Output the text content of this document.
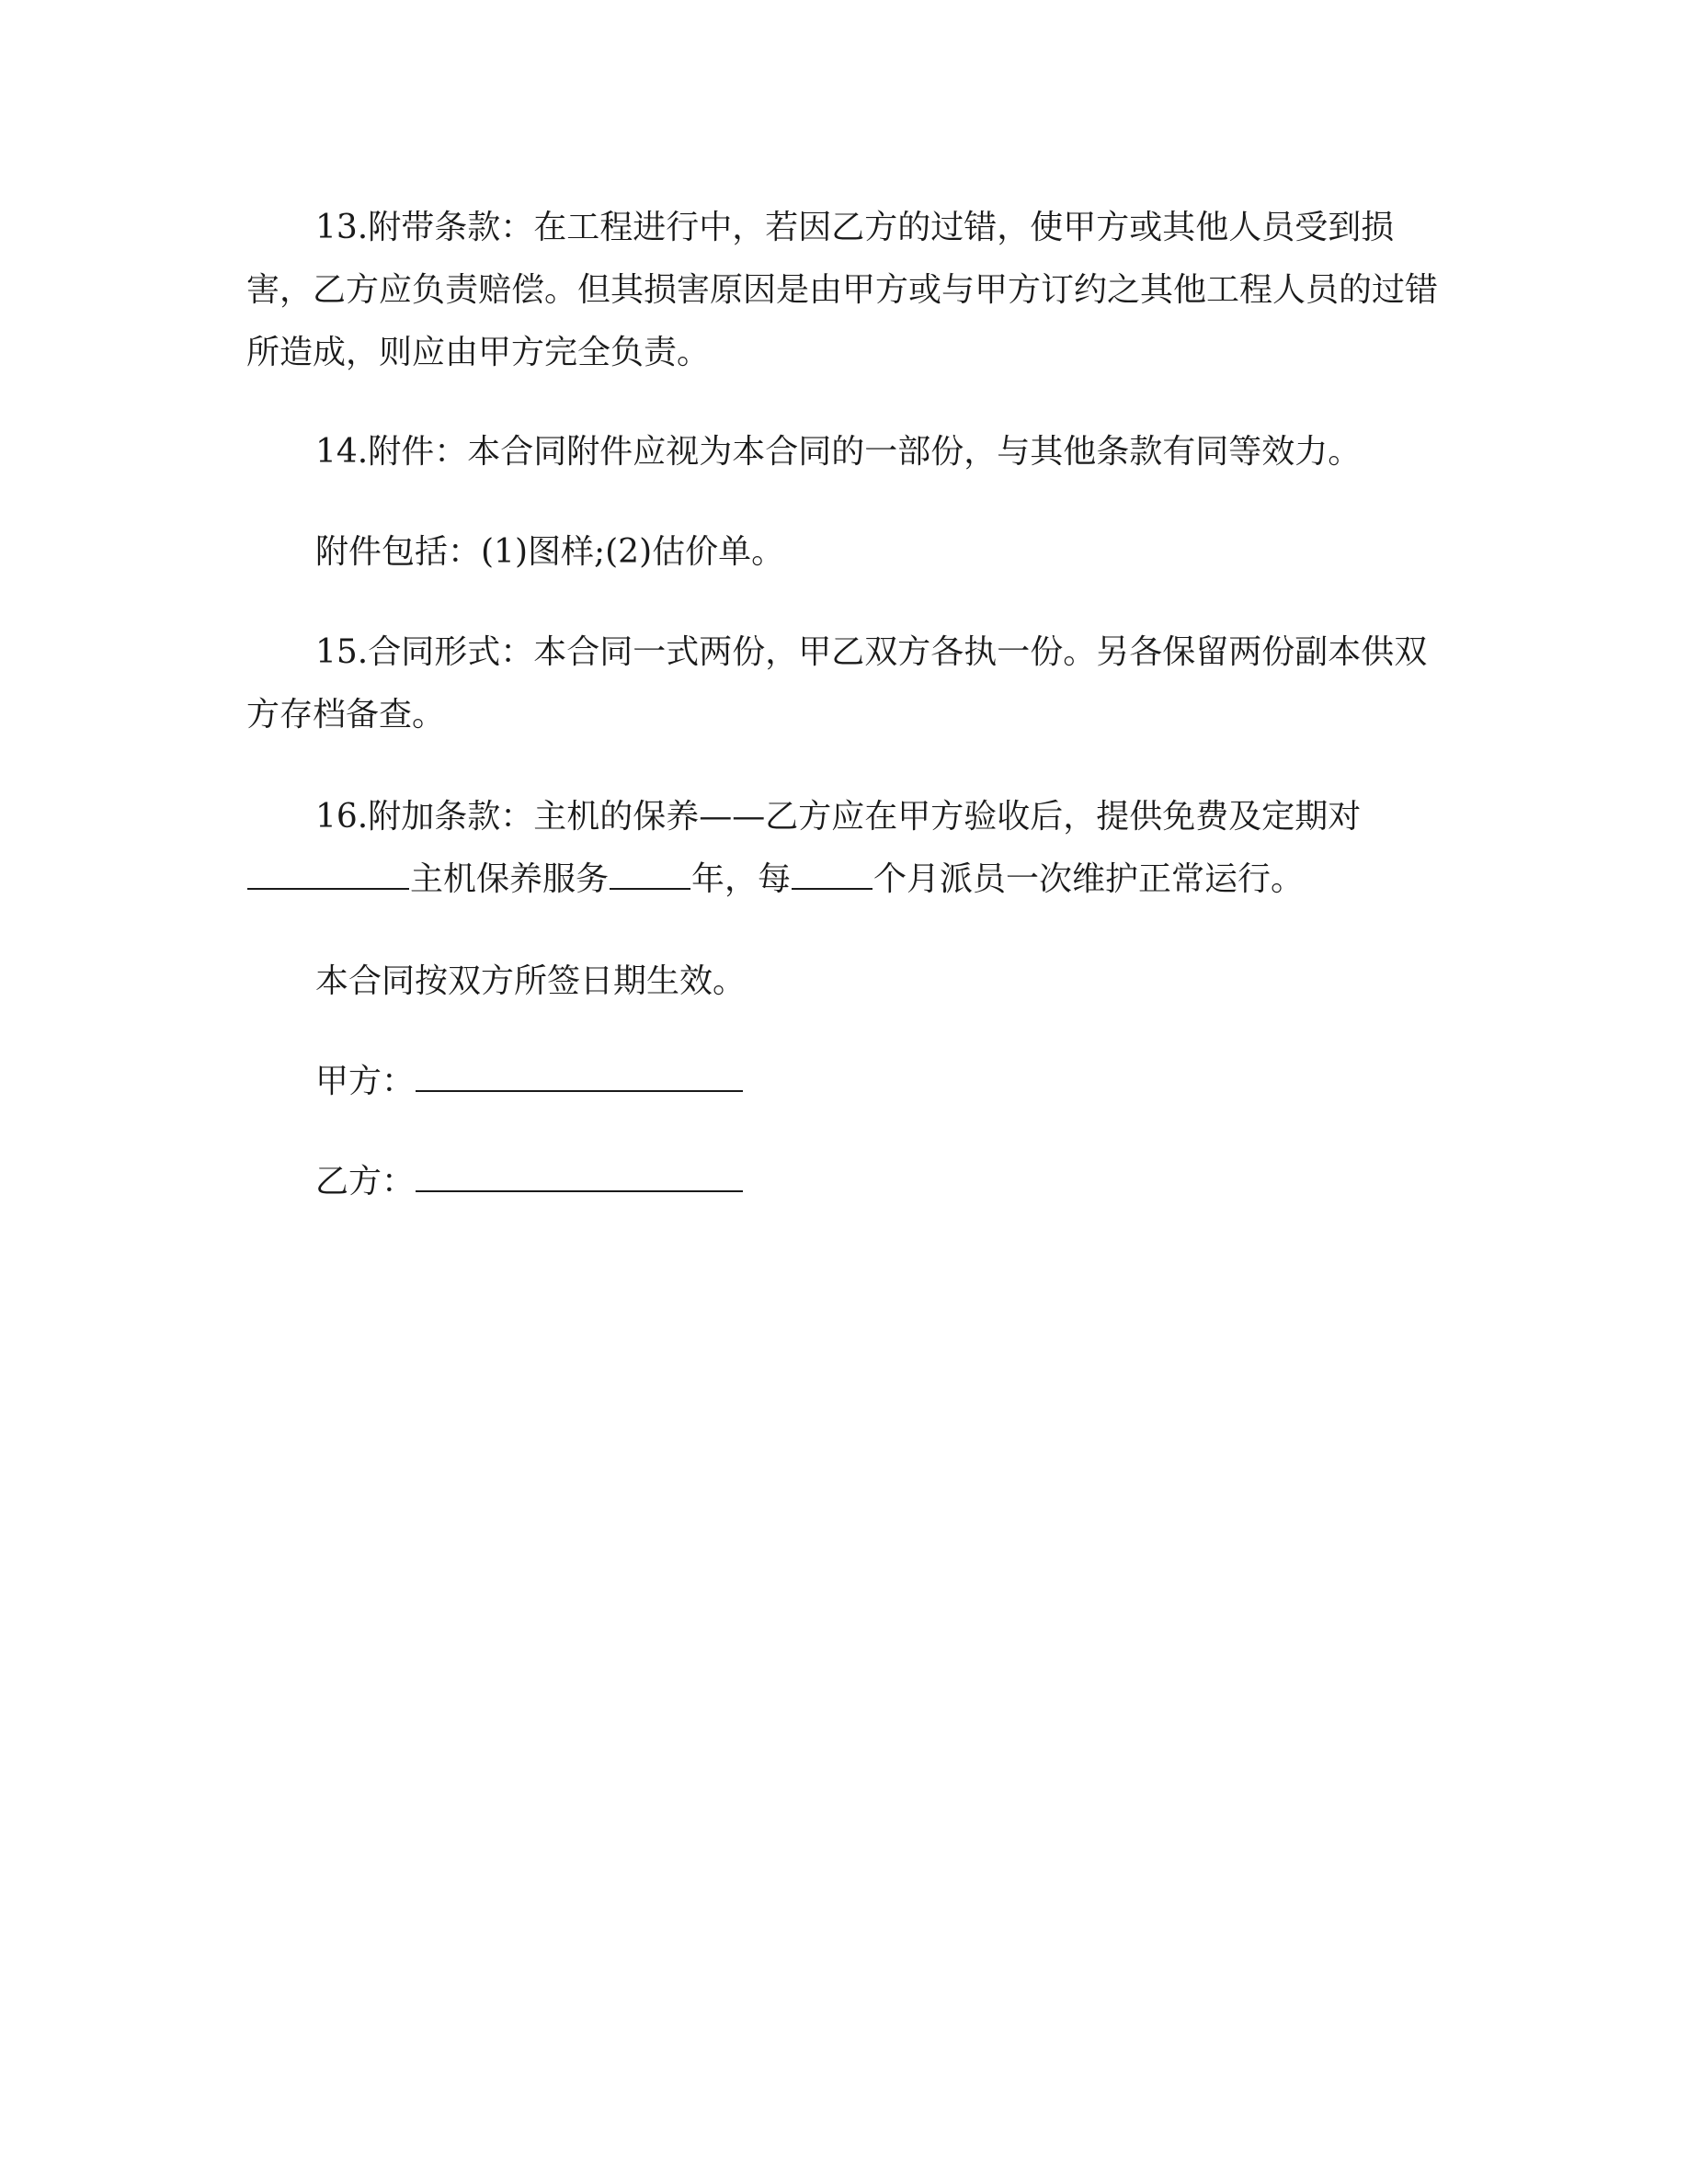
13.附带条款：在工程进行中，若因乙方的过错，使甲方或其他人员受到损
害，乙方应负责赔偿。但其损害原因是由甲方或与甲方订约之其他工程人员的过错
所造成，则应由甲方完全负责。
14.附件：本合同附件应视为本合同的一部份，与其他条款有同等效力。
附件包括：(1)图样;(2)估价单。
15.合同形式：本合同一式两份，甲乙双方各执一份。另各保留两份副本供双
方存档备查。
16.附加条款：主机的保养——乙方应在甲方验收后，提供免费及定期对
主机保养服务	年，每	个月派员一次维护正常运行。
本合同按双方所签日期生效。
甲方：
乙方：
